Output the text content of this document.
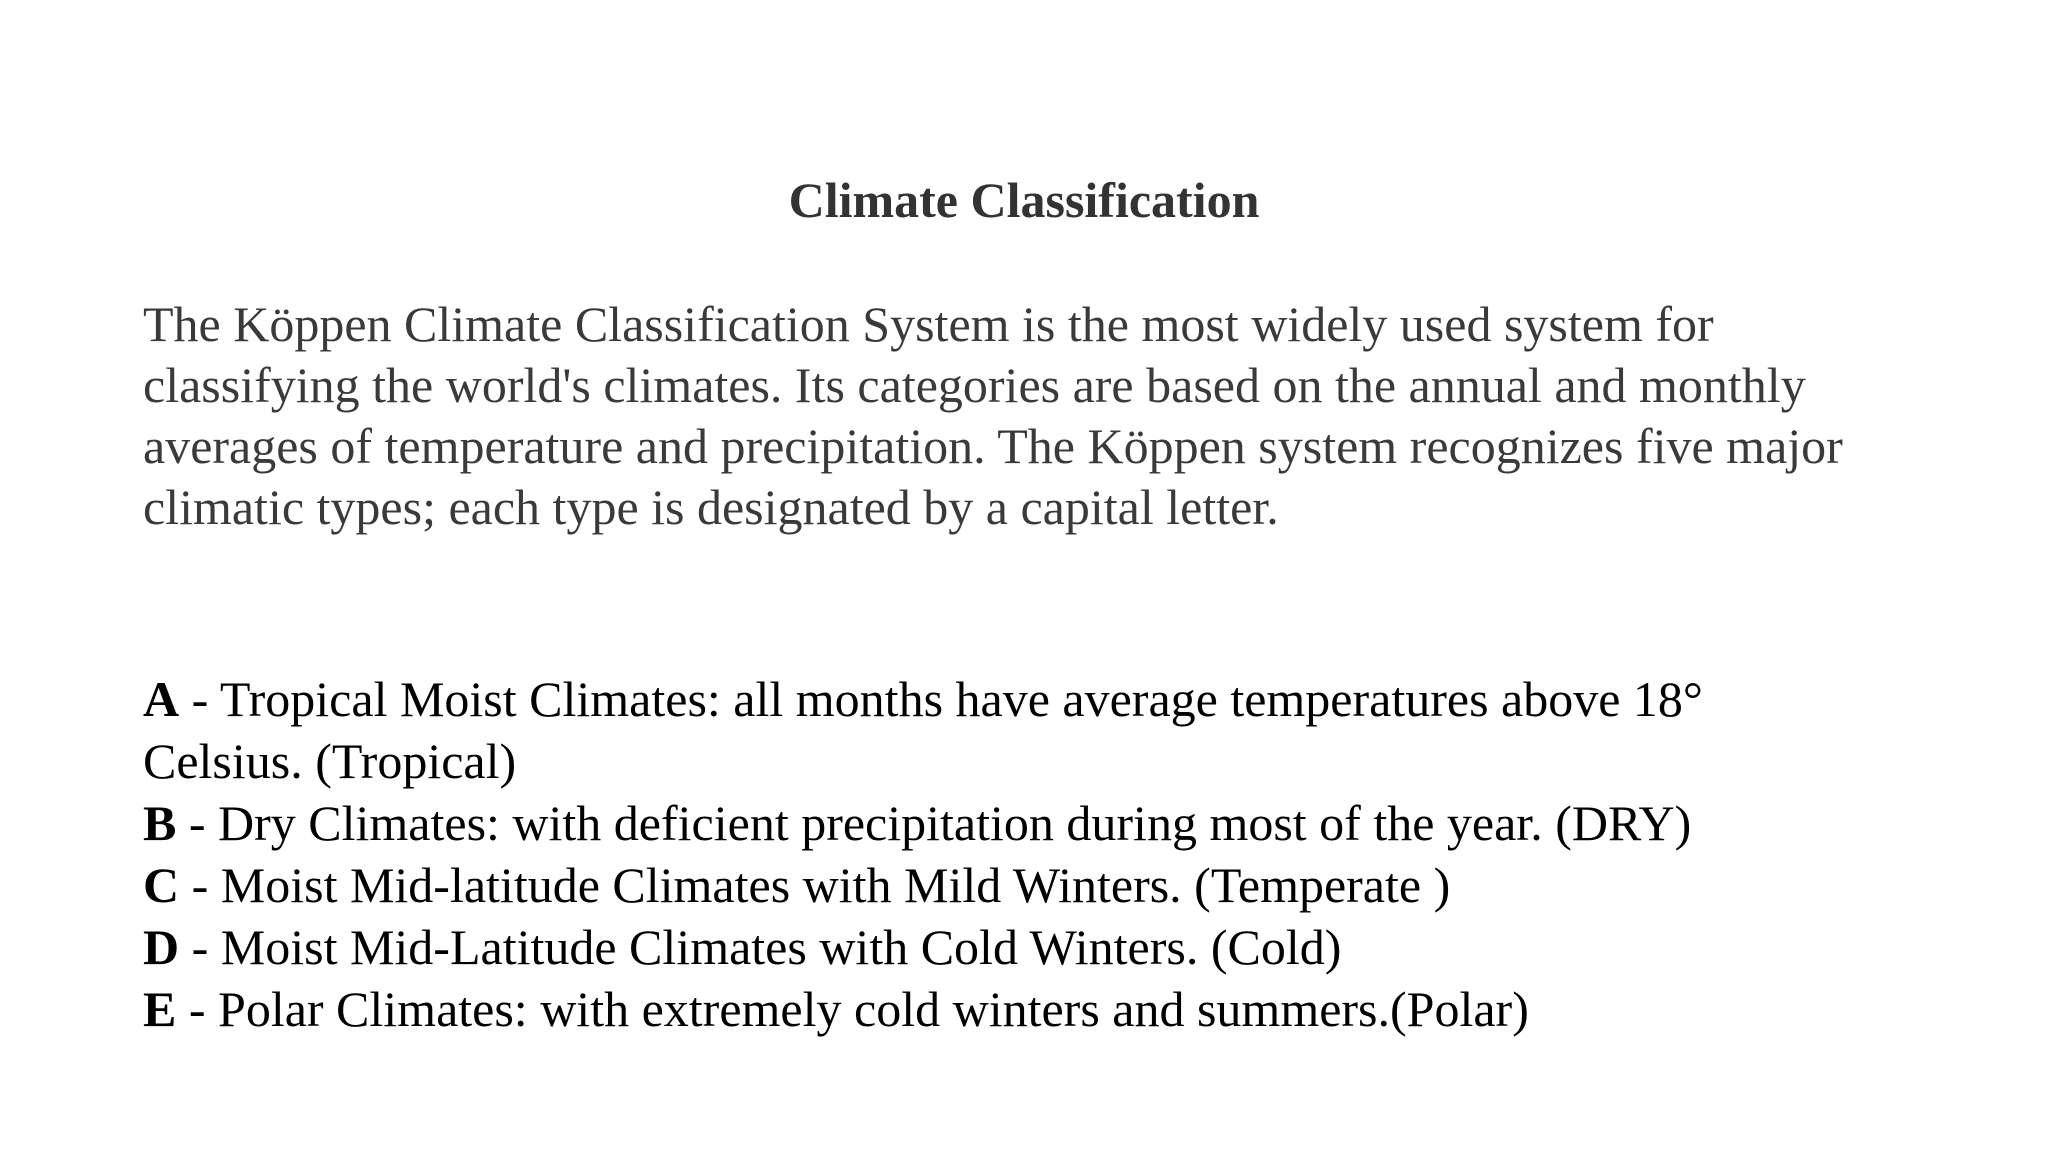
Climate Classification

The Köppen Climate Classification System is the most widely used system for
classifying the world's climates. Its categories are based on the annual and monthly
averages of temperature and precipitation. The Köppen system recognizes five major
climatic types; each type is designated by a capital letter.

A - Tropical Moist Climates: all months have average temperatures above 18°
Celsius. (Tropical)
B - Dry Climates: with deficient precipitation during most of the year. (DRY)
C - Moist Mid-latitude Climates with Mild Winters. (Temperate )
D - Moist Mid-Latitude Climates with Cold Winters. (Cold)
E - Polar Climates: with extremely cold winters and summers.(Polar)
